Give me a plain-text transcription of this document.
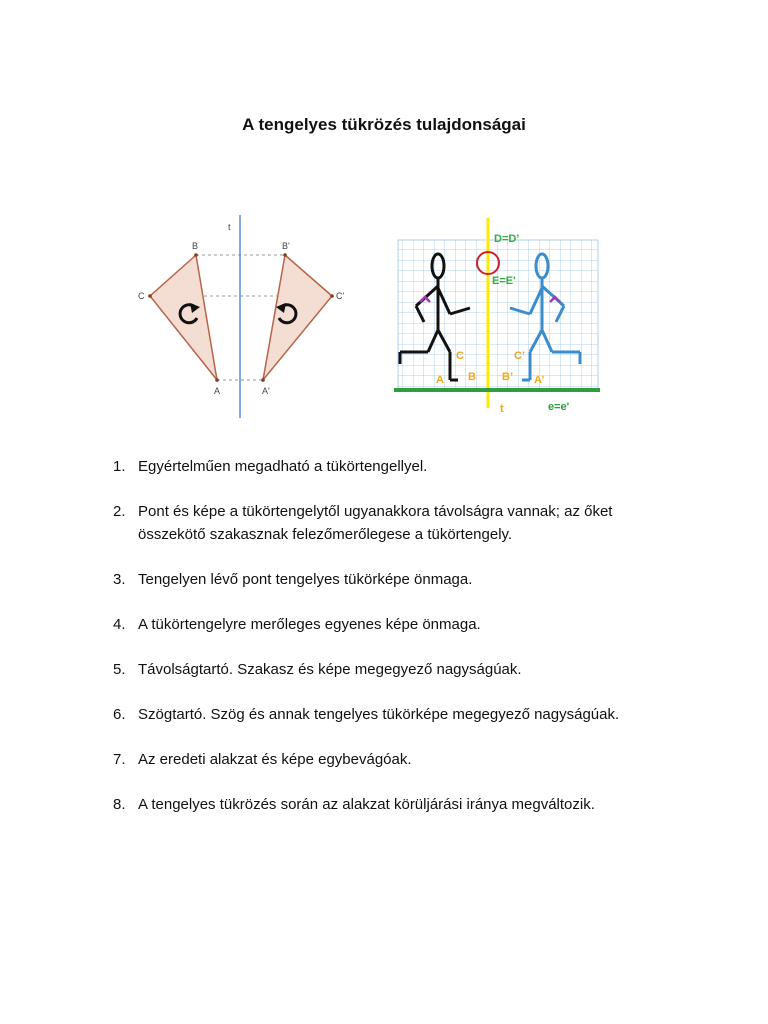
A tengelyes tükrözés tulajdonságai
t
B
C
A
B'
C'
A'
D=D’
E=E'
C	C’
A B B’ A’
t	e=e'
1. Egyértelműen megadható a tükörtengellyel.
2. Pont és képe a tükörtengelytől ugyanakkora távolságra vannak; az őket összekötő szakasznak felezőmerőlegese a tükörtengely.
3. Tengelyen lévő pont tengelyes tükörképe önmaga.
4. A tükörtengelyre merőleges egyenes képe önmaga.
5. Távolságtartó. Szakasz és képe megegyező nagyságúak.
6. Szögtartó. Szög és annak tengelyes tükörképe megegyező nagyságúak.
7. Az eredeti alakzat és képe egybevágóak.
8. A tengelyes tükrözés során az alakzat körüljárási iránya megváltozik.
